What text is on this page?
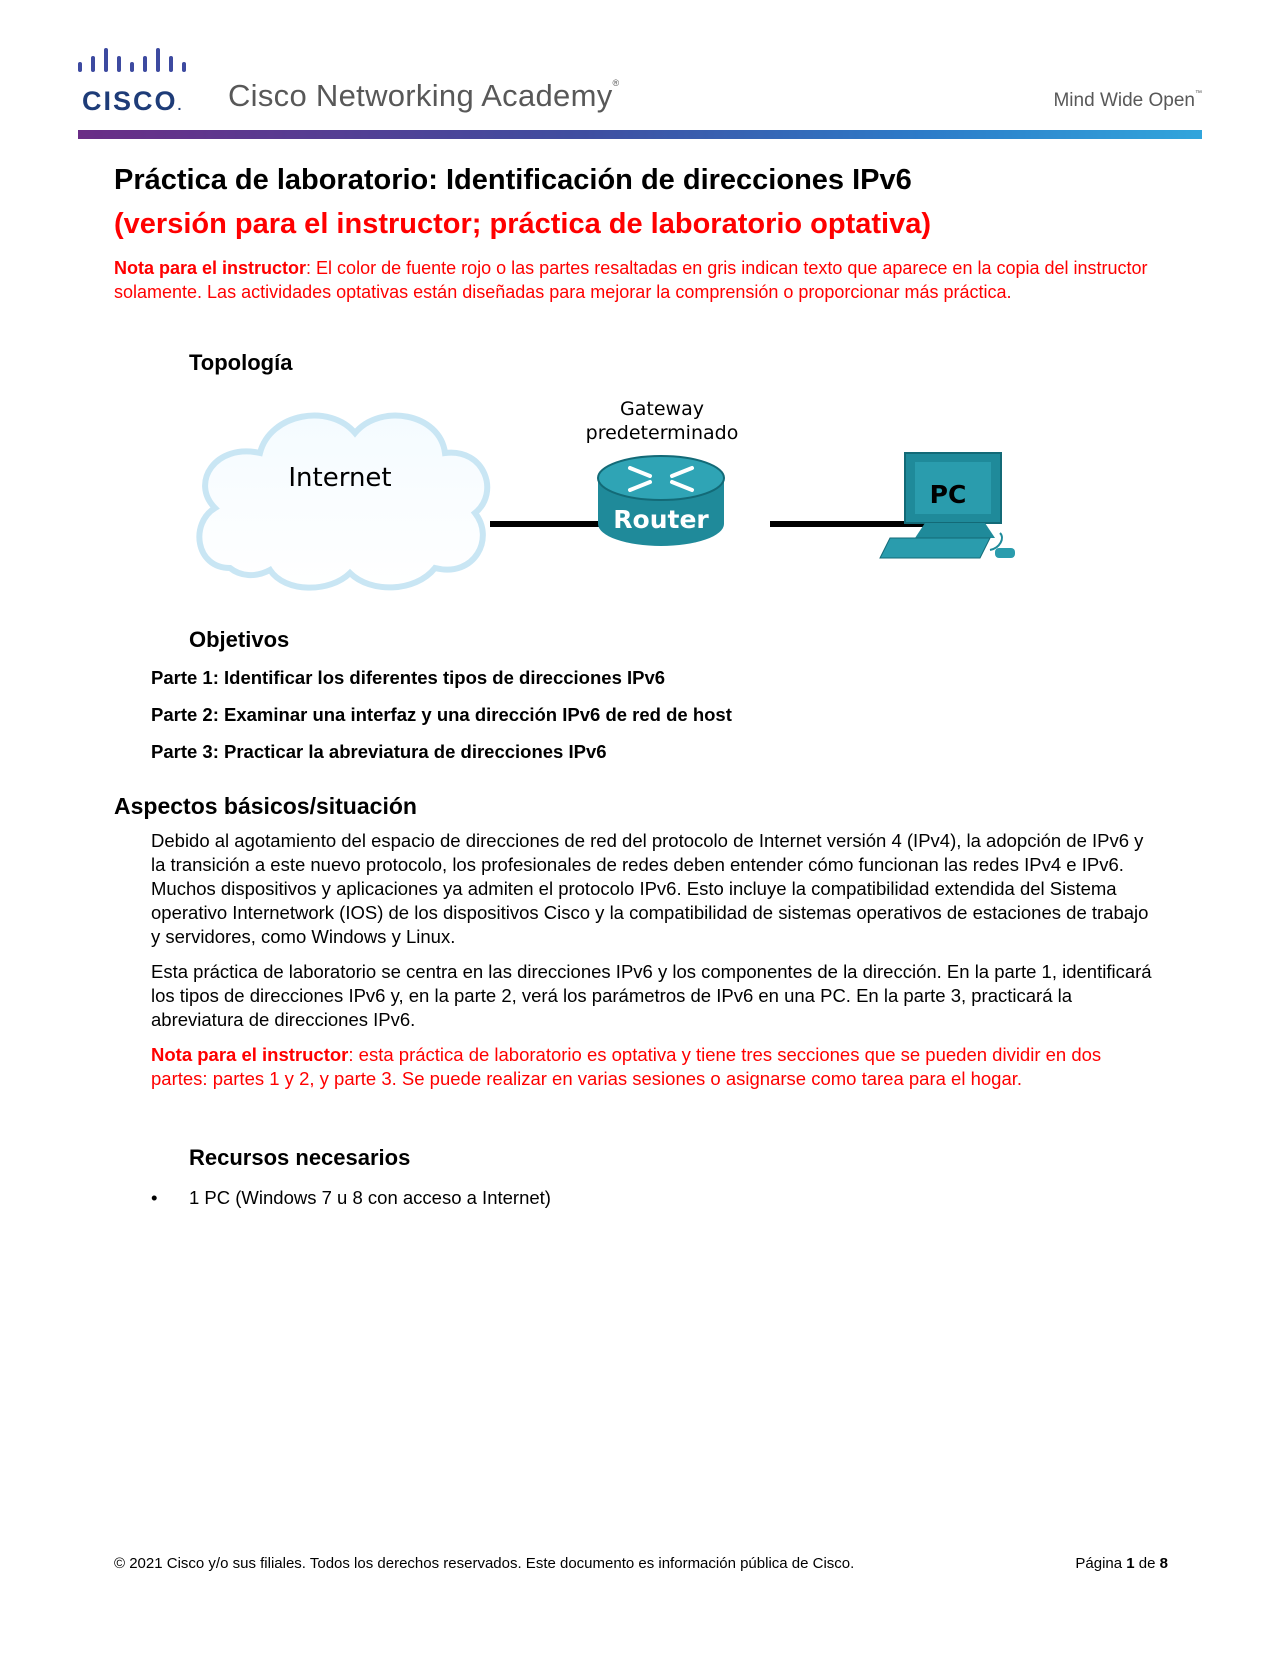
CISCO. Cisco Networking Academy®
Mind Wide Open™
Práctica de laboratorio: Identificación de direcciones IPv6
(versión para el instructor; práctica de laboratorio optativa)

Nota para el instructor: El color de fuente rojo o las partes resaltadas en gris indican texto que aparece en la copia del instructor solamente. Las actividades optativas están diseñadas para mejorar la comprensión o proporcionar más práctica.

Topología
Internet
Gateway
predeterminado
Router
PC
Objetivos
Parte 1: Identificar los diferentes tipos de direcciones IPv6
Parte 2: Examinar una interfaz y una dirección IPv6 de red de host
Parte 3: Practicar la abreviatura de direcciones IPv6
Aspectos básicos/situación

Debido al agotamiento del espacio de direcciones de red del protocolo de Internet versión 4 (IPv4), la adopción de IPv6 y la transición a este nuevo protocolo, los profesionales de redes deben entender cómo funcionan las redes IPv4 e IPv6. Muchos dispositivos y aplicaciones ya admiten el protocolo IPv6. Esto incluye la compatibilidad extendida del Sistema operativo Internetwork (IOS) de los dispositivos Cisco y la compatibilidad de sistemas operativos de estaciones de trabajo y servidores, como Windows y Linux.

Esta práctica de laboratorio se centra en las direcciones IPv6 y los componentes de la dirección. En la parte 1, identificará los tipos de direcciones IPv6 y, en la parte 2, verá los parámetros de IPv6 en una PC. En la parte 3, practicará la abreviatura de direcciones IPv6.

Nota para el instructor: esta práctica de laboratorio es optativa y tiene tres secciones que se pueden dividir en dos partes: partes 1 y 2, y parte 3. Se puede realizar en varias sesiones o asignarse como tarea para el hogar.

Recursos necesarios
• 1 PC (Windows 7 u 8 con acceso a Internet)
© 2021 Cisco y/o sus filiales. Todos los derechos reservados. Este documento es información pública de Cisco.	Página 1 de 8
